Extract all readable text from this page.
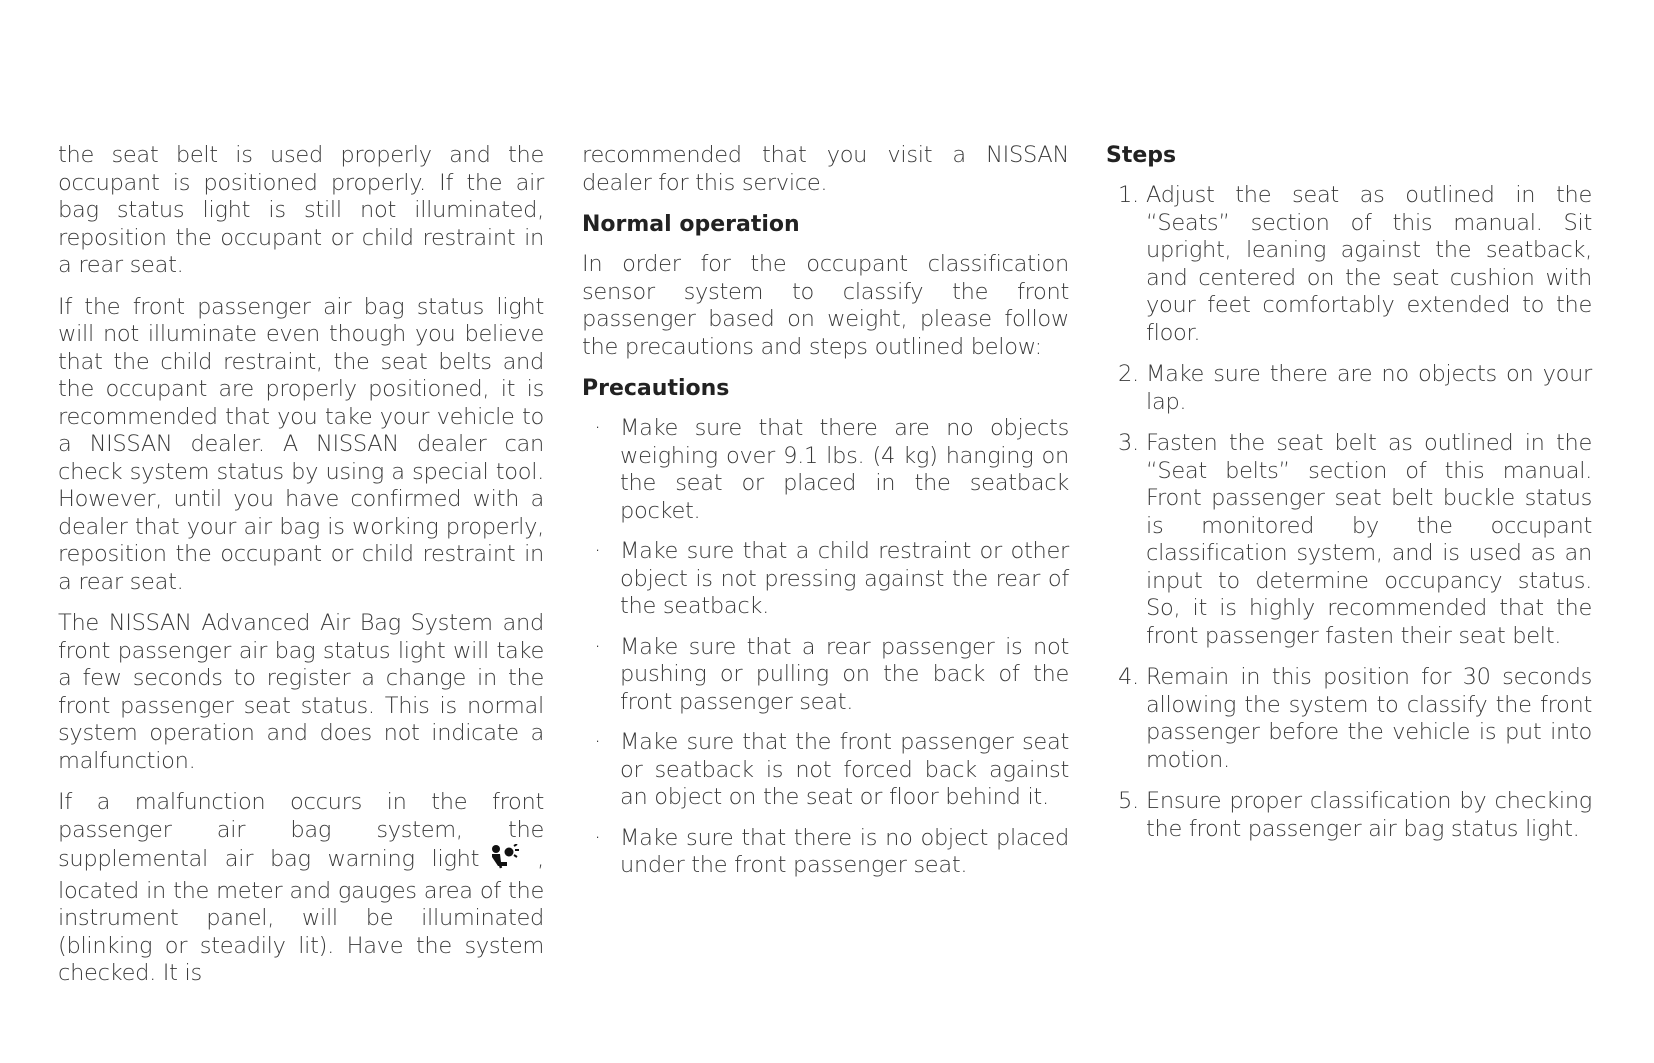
the seat belt is used properly and the occupant is positioned properly. If the air bag status light is still not illuminated, reposition the occupant or child restraint in a rear seat.

If the front passenger air bag status light will not illuminate even though you believe that the child restraint, the seat belts and the occupant are properly positioned, it is recommended that you take your vehicle to a NISSAN dealer. A NISSAN dealer can check system status by using a special tool. However, until you have confirmed with a dealer that your air bag is working properly, reposition the occupant or child restraint in a rear seat.

The NISSAN Advanced Air Bag System and front passenger air bag status light will take a few seconds to register a change in the front passenger seat status. This is normal system operation and does not indicate a malfunction.

If a malfunction occurs in the front passenger air bag system, the supplemental air bag warning light	, located in the meter and gauges area of the instrument panel, will be illuminated (blinking or steadily lit). Have the system checked. It is

recommended that you visit a NISSAN dealer for this service.

Normal operation

In order for the occupant classification sensor system to classify the front passenger based on weight, please follow the precautions and steps outlined below:

Precautions
· Make sure that there are no objects weighing over 9.1 lbs. (4 kg) hanging on the seat or placed in the seatback pocket.
· Make sure that a child restraint or other object is not pressing against the rear of the seatback.
· Make sure that a rear passenger is not pushing or pulling on the back of the front passenger seat.
· Make sure that the front passenger seat or seatback is not forced back against an object on the seat or floor behind it.
· Make sure that there is no object placed under the front passenger seat.
Steps
1. Adjust the seat as outlined in the “Seats” section of this manual. Sit upright, leaning against the seatback, and centered on the seat cushion with your feet comfortably extended to the floor.
2. Make sure there are no objects on your lap.
3. Fasten the seat belt as outlined in the “Seat belts” section of this manual. Front passenger seat belt buckle status is monitored by the occupant classification system, and is used as an input to determine occupancy status. So, it is highly recommended that the front passenger fasten their seat belt.
4. Remain in this position for 30 seconds allowing the system to classify the front passenger before the vehicle is put into motion.
5. Ensure proper classification by checking the front passenger air bag status light.
